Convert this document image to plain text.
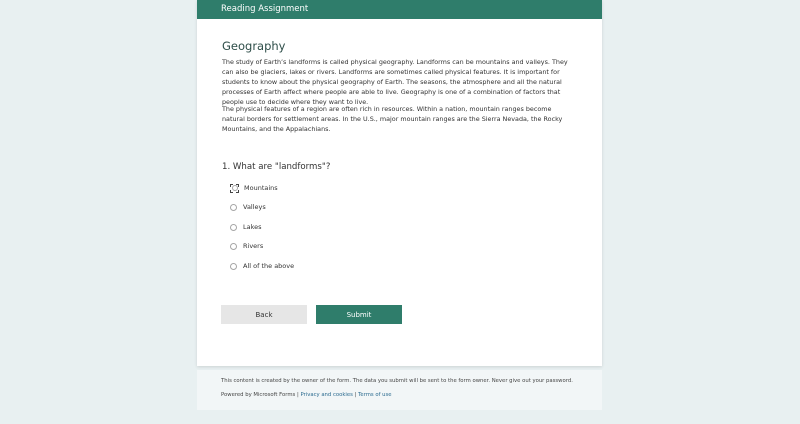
Reading Assignment
Geography
The study of Earth’s landforms is called physical geography. Landforms can be mountains and valleys. They can also be glaciers, lakes or rivers. Landforms are sometimes called physical features. It is important for students to know about the physical geography of Earth. The seasons, the atmosphere and all the natural processes of Earth affect where people are able to live. Geography is one of a combination of factors that people use to decide where they want to live.
The physical features of a region are often rich in resources. Within a nation, mountain ranges become natural borders for settlement areas. In the U.S., major mountain ranges are the Sierra Nevada, the Rocky Mountains, and the Appalachians.
1. What are "landforms"?
Mountains
Valleys
Lakes
Rivers
All of the above
Back	Submit
This content is created by the owner of the form. The data you submit will be sent to the form owner. Never give out your password.
Powered by Microsoft Forms | Privacy and cookies | Terms of use
